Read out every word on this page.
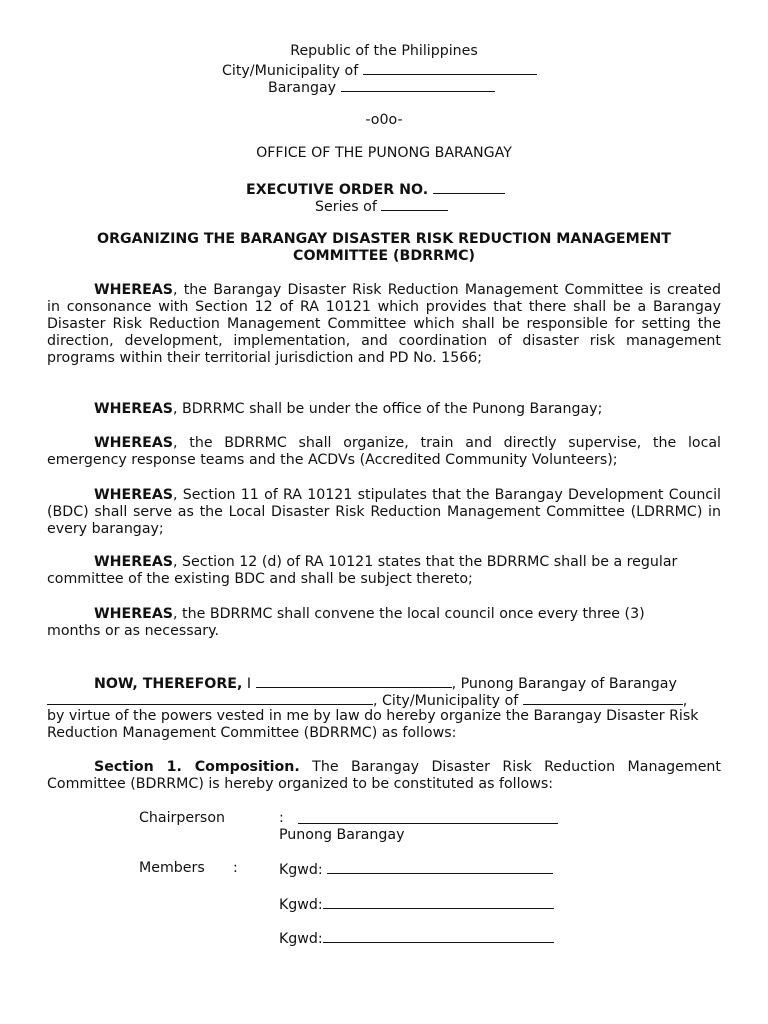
Republic of the Philippines
City/Municipality of
Barangay
-o0o-
OFFICE OF THE PUNONG BARANGAY
EXECUTIVE ORDER NO.
Series of
ORGANIZING THE BARANGAY DISASTER RISK REDUCTION MANAGEMENT
COMMITTEE (BDRRMC)
WHEREAS, the Barangay Disaster Risk Reduction Management Committee is created in consonance with Section 12 of RA 10121 which provides that there shall be a Barangay Disaster Risk Reduction Management Committee which shall be responsible for setting the direction, development, implementation, and coordination of disaster risk management programs within their territorial jurisdiction and PD No. 1566;
WHEREAS, BDRRMC shall be under the office of the Punong Barangay;
WHEREAS, the BDRRMC shall organize, train and directly supervise, the local emergency response teams and the ACDVs (Accredited Community Volunteers);
WHEREAS, Section 11 of RA 10121 stipulates that the Barangay Development Council (BDC) shall serve as the Local Disaster Risk Reduction Management Committee (LDRRMC) in every barangay;
WHEREAS, Section 12 (d) of RA 10121 states that the BDRRMC shall be a regular committee of the existing BDC and shall be subject thereto;
WHEREAS, the BDRRMC shall convene the local council once every three (3) months or as necessary.
NOW, THEREFORE, I	, Punong Barangay of Barangay
, City/Municipality of	,
by virtue of the powers vested in me by law do hereby organize the Barangay Disaster Risk Reduction Management Committee (BDRRMC) as follows:
Section 1. Composition. The Barangay Disaster Risk Reduction Management Committee (BDRRMC) is hereby organized to be constituted as follows:
Chairperson	:
Punong Barangay
Members :	Kgwd:
Kgwd:
Kgwd:
